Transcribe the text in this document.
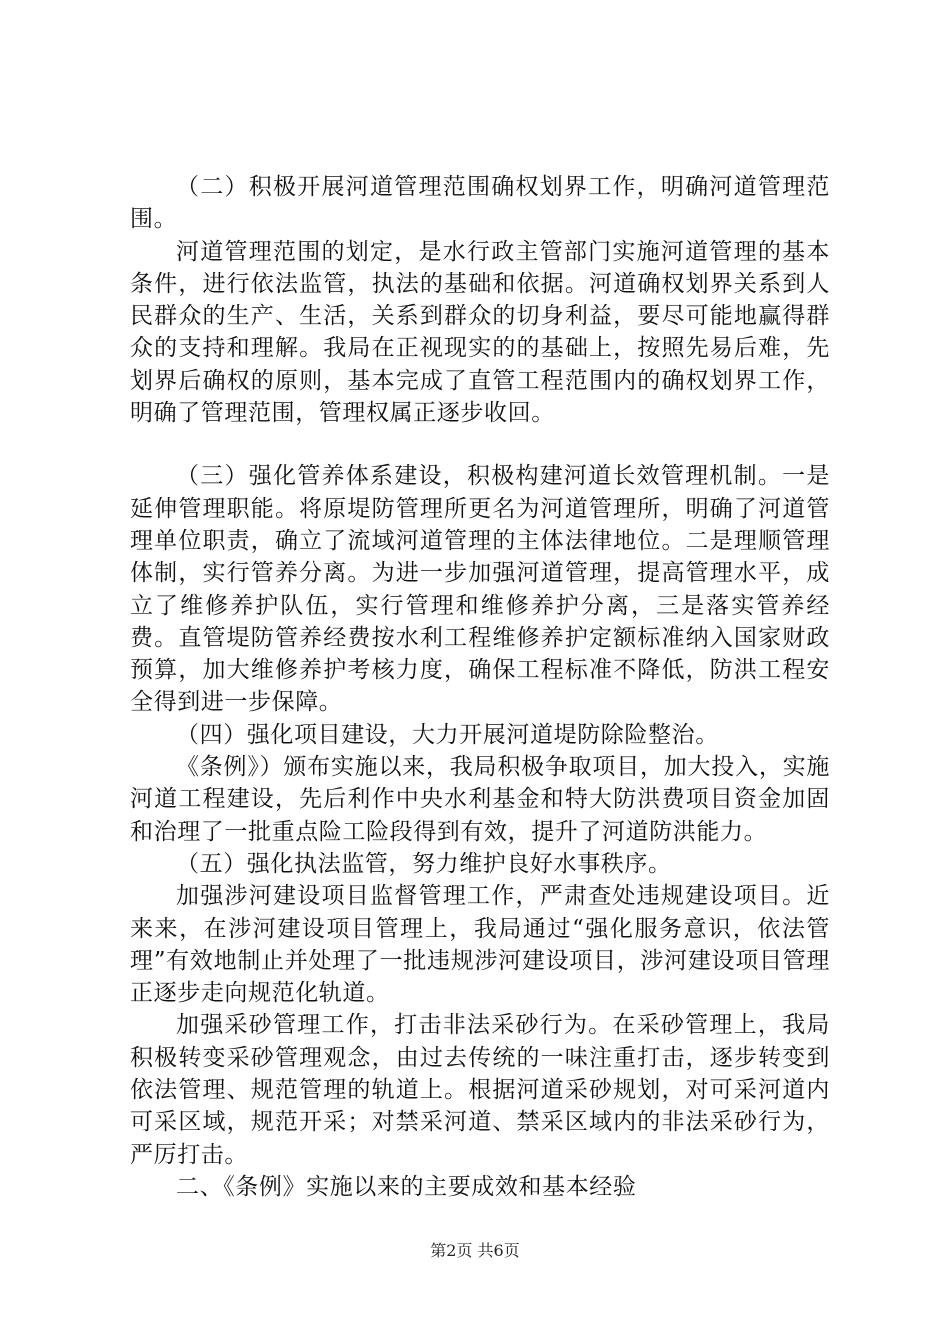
（二）积极开展河道管理范围确权划界工作，明确河道管理范围。

河道管理范围的划定，是水行政主管部门实施河道管理的基本条件，进行依法监管，执法的基础和依据。河道确权划界关系到人民群众的生产、生活，关系到群众的切身利益，要尽可能地赢得群众的支持和理解。我局在正视现实的的基础上，按照先易后难，先划界后确权的原则，基本完成了直管工程范围内的确权划界工作，明确了管理范围，管理权属正逐步收回。

（三）强化管养体系建设，积极构建河道长效管理机制。一是延伸管理职能。将原堤防管理所更名为河道管理所，明确了河道管理单位职责，确立了流域河道管理的主体法律地位。二是理顺管理体制，实行管养分离。为进一步加强河道管理，提高管理水平，成立了维修养护队伍，实行管理和维修养护分离，三是落实管养经费。直管堤防管养经费按水利工程维修养护定额标准纳入国家财政预算，加大维修养护考核力度，确保工程标准不降低，防洪工程安全得到进一步保障。

（四）强化项目建设，大力开展河道堤防除险整治。

《条例》）颁布实施以来，我局积极争取项目，加大投入，实施河道工程建设，先后利作中央水利基金和特大防洪费项目资金加固和治理了一批重点险工险段得到有效，提升了河道防洪能力。

（五）强化执法监管，努力维护良好水事秩序。

加强涉河建设项目监督管理工作，严肃查处违规建设项目。近来来，在涉河建设项目管理上，我局通过“强化服务意识，依法管理”有效地制止并处理了一批违规涉河建设项目，涉河建设项目管理正逐步走向规范化轨道。

加强采砂管理工作，打击非法采砂行为。在采砂管理上，我局积极转变采砂管理观念，由过去传统的一味注重打击，逐步转变到依法管理、规范管理的轨道上。根据河道采砂规划，对可采河道内可采区域，规范开采；对禁采河道、禁采区域内的非法采砂行为，严厉打击。

二、《条例》实施以来的主要成效和基本经验

第2页 共6页
